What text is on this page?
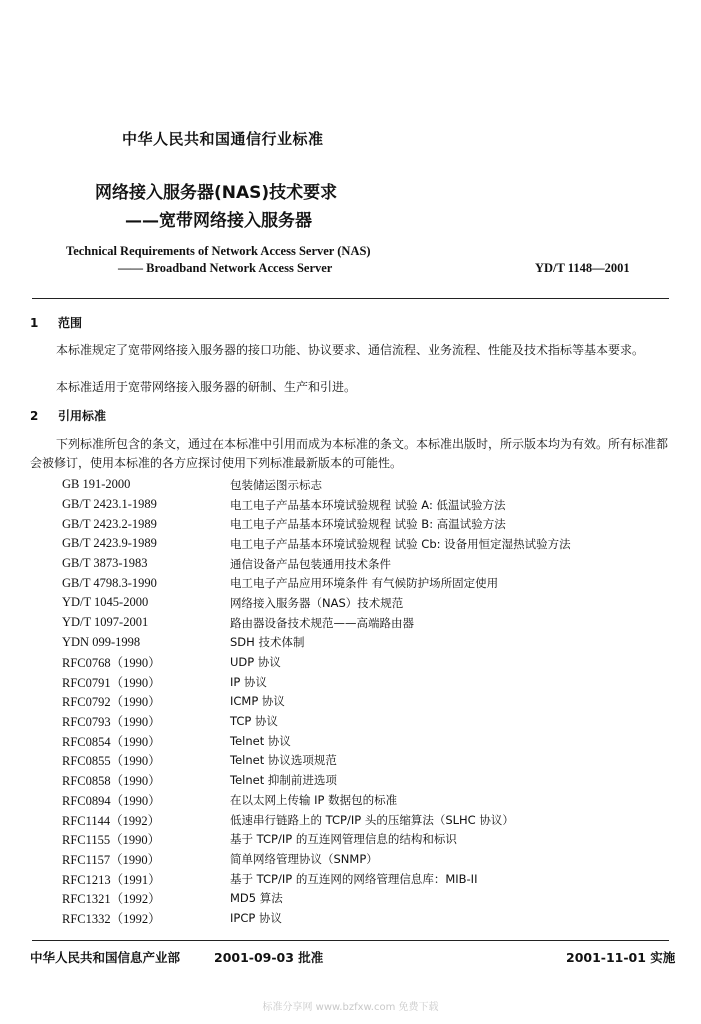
中华人民共和国通信行业标准
网络接入服务器(NAS)技术要求
——宽带网络接入服务器
Technical Requirements of Network Access Server (NAS)
—— Broadband Network Access Server	YD/T 1148—2001
1 范围
本标准规定了宽带网络接入服务器的接口功能、协议要求、通信流程、业务流程、性能及技术指标等基本要求。
本标准适用于宽带网络接入服务器的研制、生产和引进。
2 引用标准
下列标准所包含的条文，通过在本标准中引用而成为本标准的条文。本标准出版时，所示版本均为有效。所有标准都会被修订，使用本标准的各方应探讨使用下列标准最新版本的可能性。
GB 191-2000	包装储运图示标志
GB/T 2423.1-1989	电工电子产品基本环境试验规程 试验 A: 低温试验方法
GB/T 2423.2-1989	电工电子产品基本环境试验规程 试验 B: 高温试验方法
GB/T 2423.9-1989	电工电子产品基本环境试验规程 试验 Cb: 设备用恒定湿热试验方法
GB/T 3873-1983	通信设备产品包装通用技术条件
GB/T 4798.3-1990	电工电子产品应用环境条件 有气候防护场所固定使用
YD/T 1045-2000	网络接入服务器（NAS）技术规范
YD/T 1097-2001	路由器设备技术规范——高端路由器
YDN 099-1998	SDH 技术体制
RFC0768（1990）	UDP 协议
RFC0791（1990）	IP 协议
RFC0792（1990）	ICMP 协议
RFC0793（1990）	TCP 协议
RFC0854（1990）	Telnet 协议
RFC0855（1990）	Telnet 协议选项规范
RFC0858（1990）	Telnet 抑制前进选项
RFC0894（1990）	在以太网上传输 IP 数据包的标准
RFC1144（1992）	低速串行链路上的 TCP/IP 头的压缩算法（SLHC 协议）
RFC1155（1990）	基于 TCP/IP 的互连网管理信息的结构和标识
RFC1157（1990）	简单网络管理协议（SNMP）
RFC1213（1991）	基于 TCP/IP 的互连网的网络管理信息库：MIB-II
RFC1321（1992）	MD5 算法
RFC1332（1992）	IPCP 协议
中华人民共和国信息产业部	2001-09-03 批准	2001-11-01 实施
标准分享网 www.bzfxw.com 免费下载
